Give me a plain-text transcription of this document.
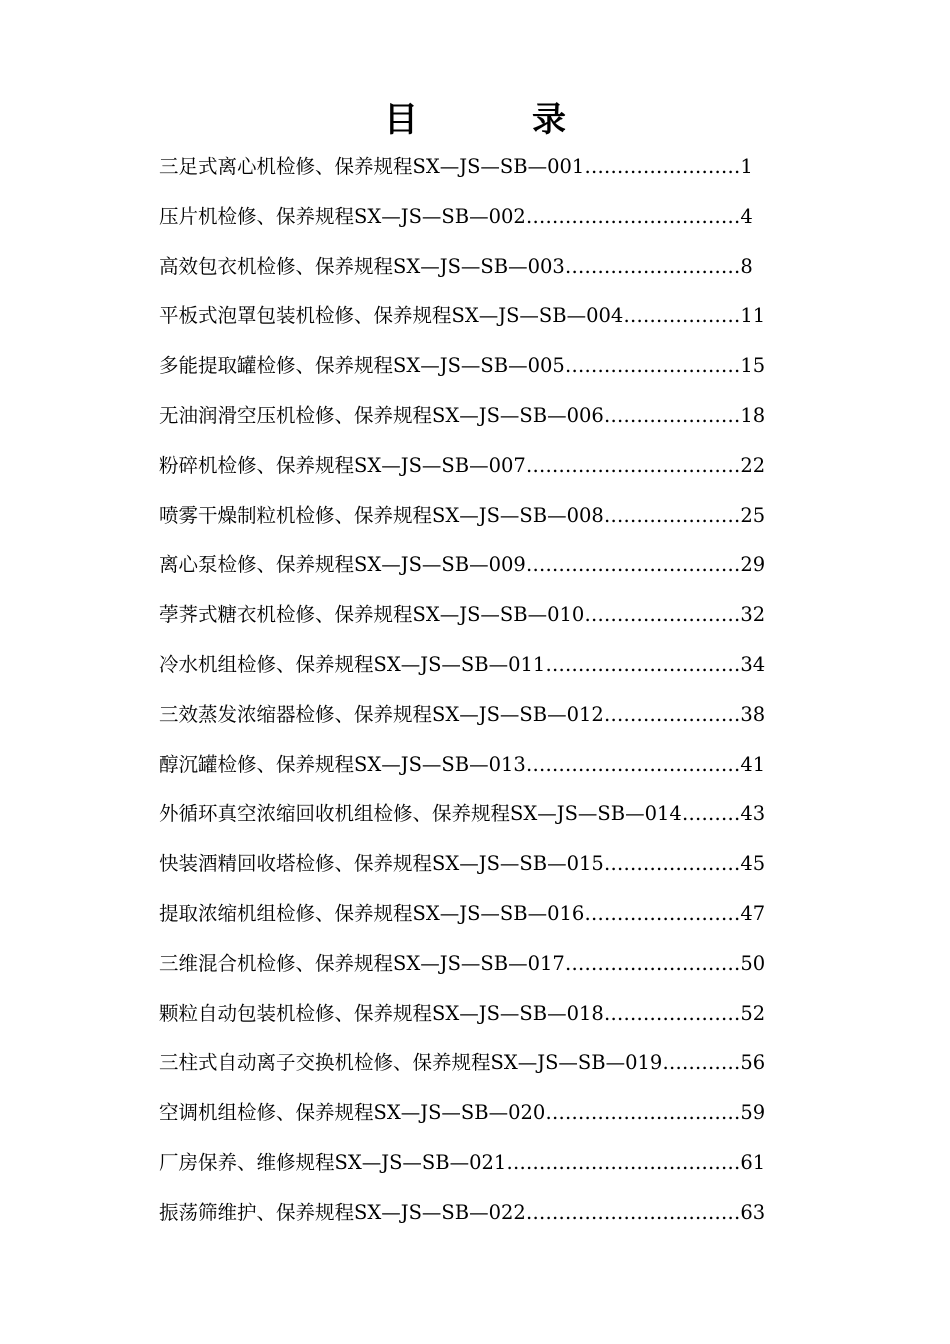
目　录
三足式离心机检修、保养规程SX—JS—SB—001……………………1
压片机检修、保养规程SX—JS—SB—002……………………………4
高效包衣机检修、保养规程SX—JS—SB—003………………………8
平板式泡罩包装机检修、保养规程SX—JS—SB—004………………11
多能提取罐检修、保养规程SX—JS—SB—005………………………15
无油润滑空压机检修、保养规程SX—JS—SB—006…………………18
粉碎机检修、保养规程SX—JS—SB—007……………………………22
喷雾干燥制粒机检修、保养规程SX—JS—SB—008…………………25
离心泵检修、保养规程SX—JS—SB—009……………………………29
荸荠式糖衣机检修、保养规程SX—JS—SB—010……………………32
冷水机组检修、保养规程SX—JS—SB—011…………………………34
三效蒸发浓缩器检修、保养规程SX—JS—SB—012…………………38
醇沉罐检修、保养规程SX—JS—SB—013……………………………41
外循环真空浓缩回收机组检修、保养规程SX—JS—SB—014………43
快装酒精回收塔检修、保养规程SX—JS—SB—015…………………45
提取浓缩机组检修、保养规程SX—JS—SB—016……………………47
三维混合机检修、保养规程SX—JS—SB—017………………………50
颗粒自动包装机检修、保养规程SX—JS—SB—018…………………52
三柱式自动离子交换机检修、保养规程SX—JS—SB—019…………56
空调机组检修、保养规程SX—JS—SB—020…………………………59
厂房保养、维修规程SX—JS—SB—021………………………………61
振荡筛维护、保养规程SX—JS—SB—022……………………………63
